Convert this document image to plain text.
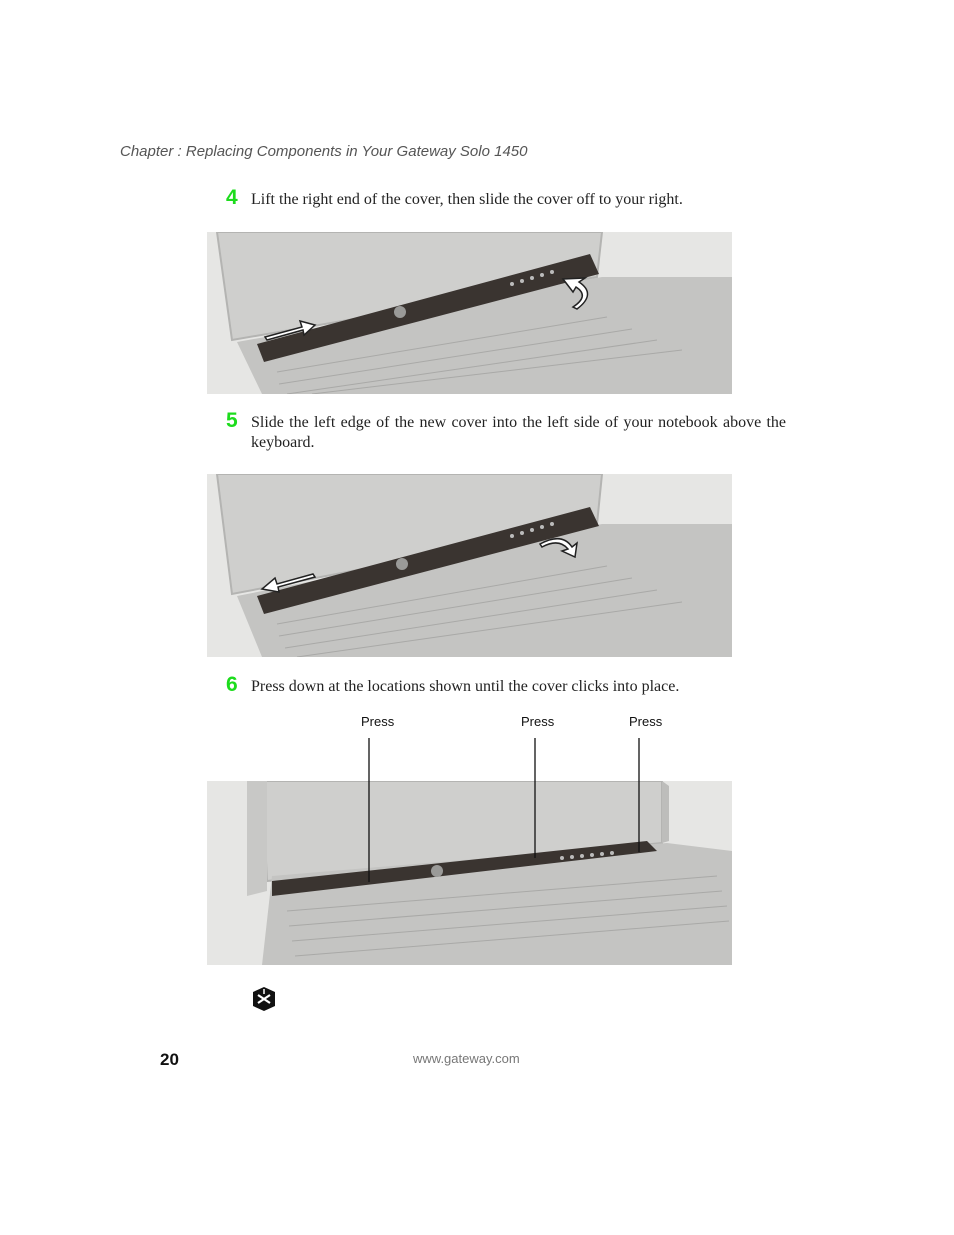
Chapter : Replacing Components in Your Gateway Solo 1450
4 Lift the right end of the cover, then slide the cover off to your right.
5 Slide the left edge of the new cover into the left side of your notebook above the keyboard.
6 Press down at the locations shown until the cover clicks into place.
Press	Press	Press
20	www.gateway.com
